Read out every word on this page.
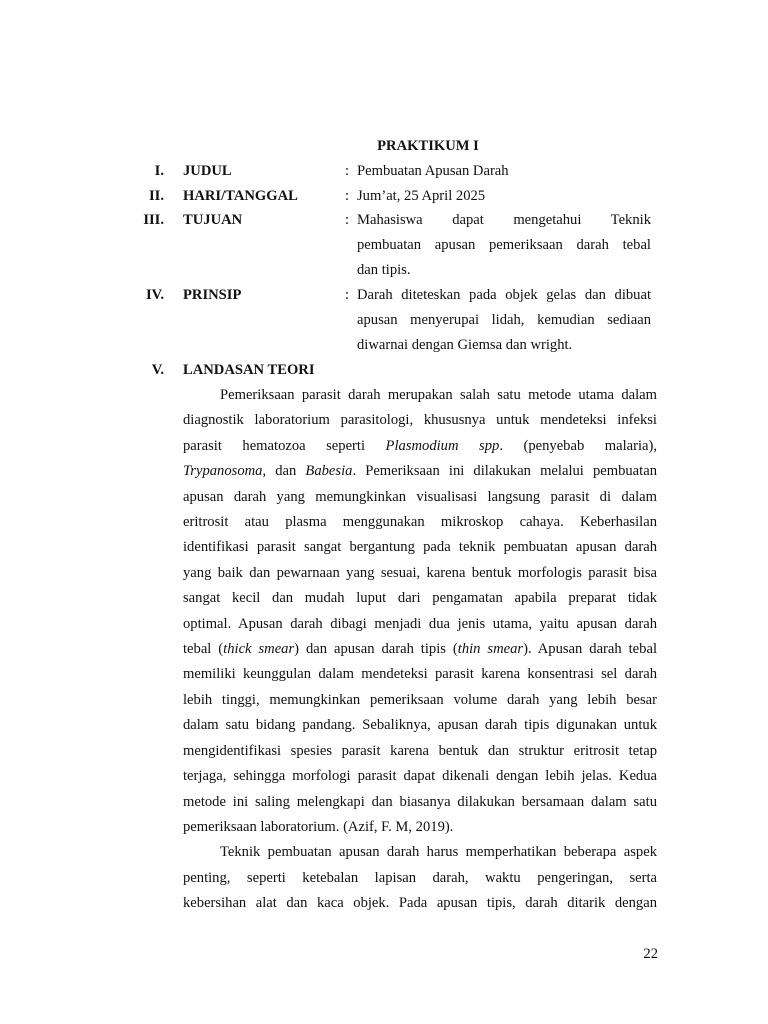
PRAKTIKUM I
I. JUDUL	: Pembuatan Apusan Darah
II. HARI/TANGGAL	: Jum’at, 25 April 2025
III. TUJUAN	: Mahasiswa dapat mengetahui Teknik
pembuatan apusan pemeriksaan darah tebal
dan tipis.
IV. PRINSIP	: Darah diteteskan pada objek gelas dan dibuat
apusan menyerupai lidah, kemudian sediaan
diwarnai dengan Giemsa dan wright.
V. LANDASAN TEORI
Pemeriksaan parasit darah merupakan salah satu metode utama dalam
diagnostik laboratorium parasitologi, khususnya untuk mendeteksi infeksi
parasit hematozoa seperti Plasmodium spp. (penyebab malaria),
Trypanosoma, dan Babesia. Pemeriksaan ini dilakukan melalui pembuatan
apusan darah yang memungkinkan visualisasi langsung parasit di dalam
eritrosit atau plasma menggunakan mikroskop cahaya. Keberhasilan
identifikasi parasit sangat bergantung pada teknik pembuatan apusan darah
yang baik dan pewarnaan yang sesuai, karena bentuk morfologis parasit bisa
sangat kecil dan mudah luput dari pengamatan apabila preparat tidak
optimal. Apusan darah dibagi menjadi dua jenis utama, yaitu apusan darah
tebal (thick smear) dan apusan darah tipis (thin smear). Apusan darah tebal
memiliki keunggulan dalam mendeteksi parasit karena konsentrasi sel darah
lebih tinggi, memungkinkan pemeriksaan volume darah yang lebih besar
dalam satu bidang pandang. Sebaliknya, apusan darah tipis digunakan untuk
mengidentifikasi spesies parasit karena bentuk dan struktur eritrosit tetap
terjaga, sehingga morfologi parasit dapat dikenali dengan lebih jelas. Kedua
metode ini saling melengkapi dan biasanya dilakukan bersamaan dalam satu
pemeriksaan laboratorium. (Azif, F. M, 2019).
Teknik pembuatan apusan darah harus memperhatikan beberapa aspek
penting, seperti ketebalan lapisan darah, waktu pengeringan, serta
kebersihan alat dan kaca objek. Pada apusan tipis, darah ditarik dengan
22
